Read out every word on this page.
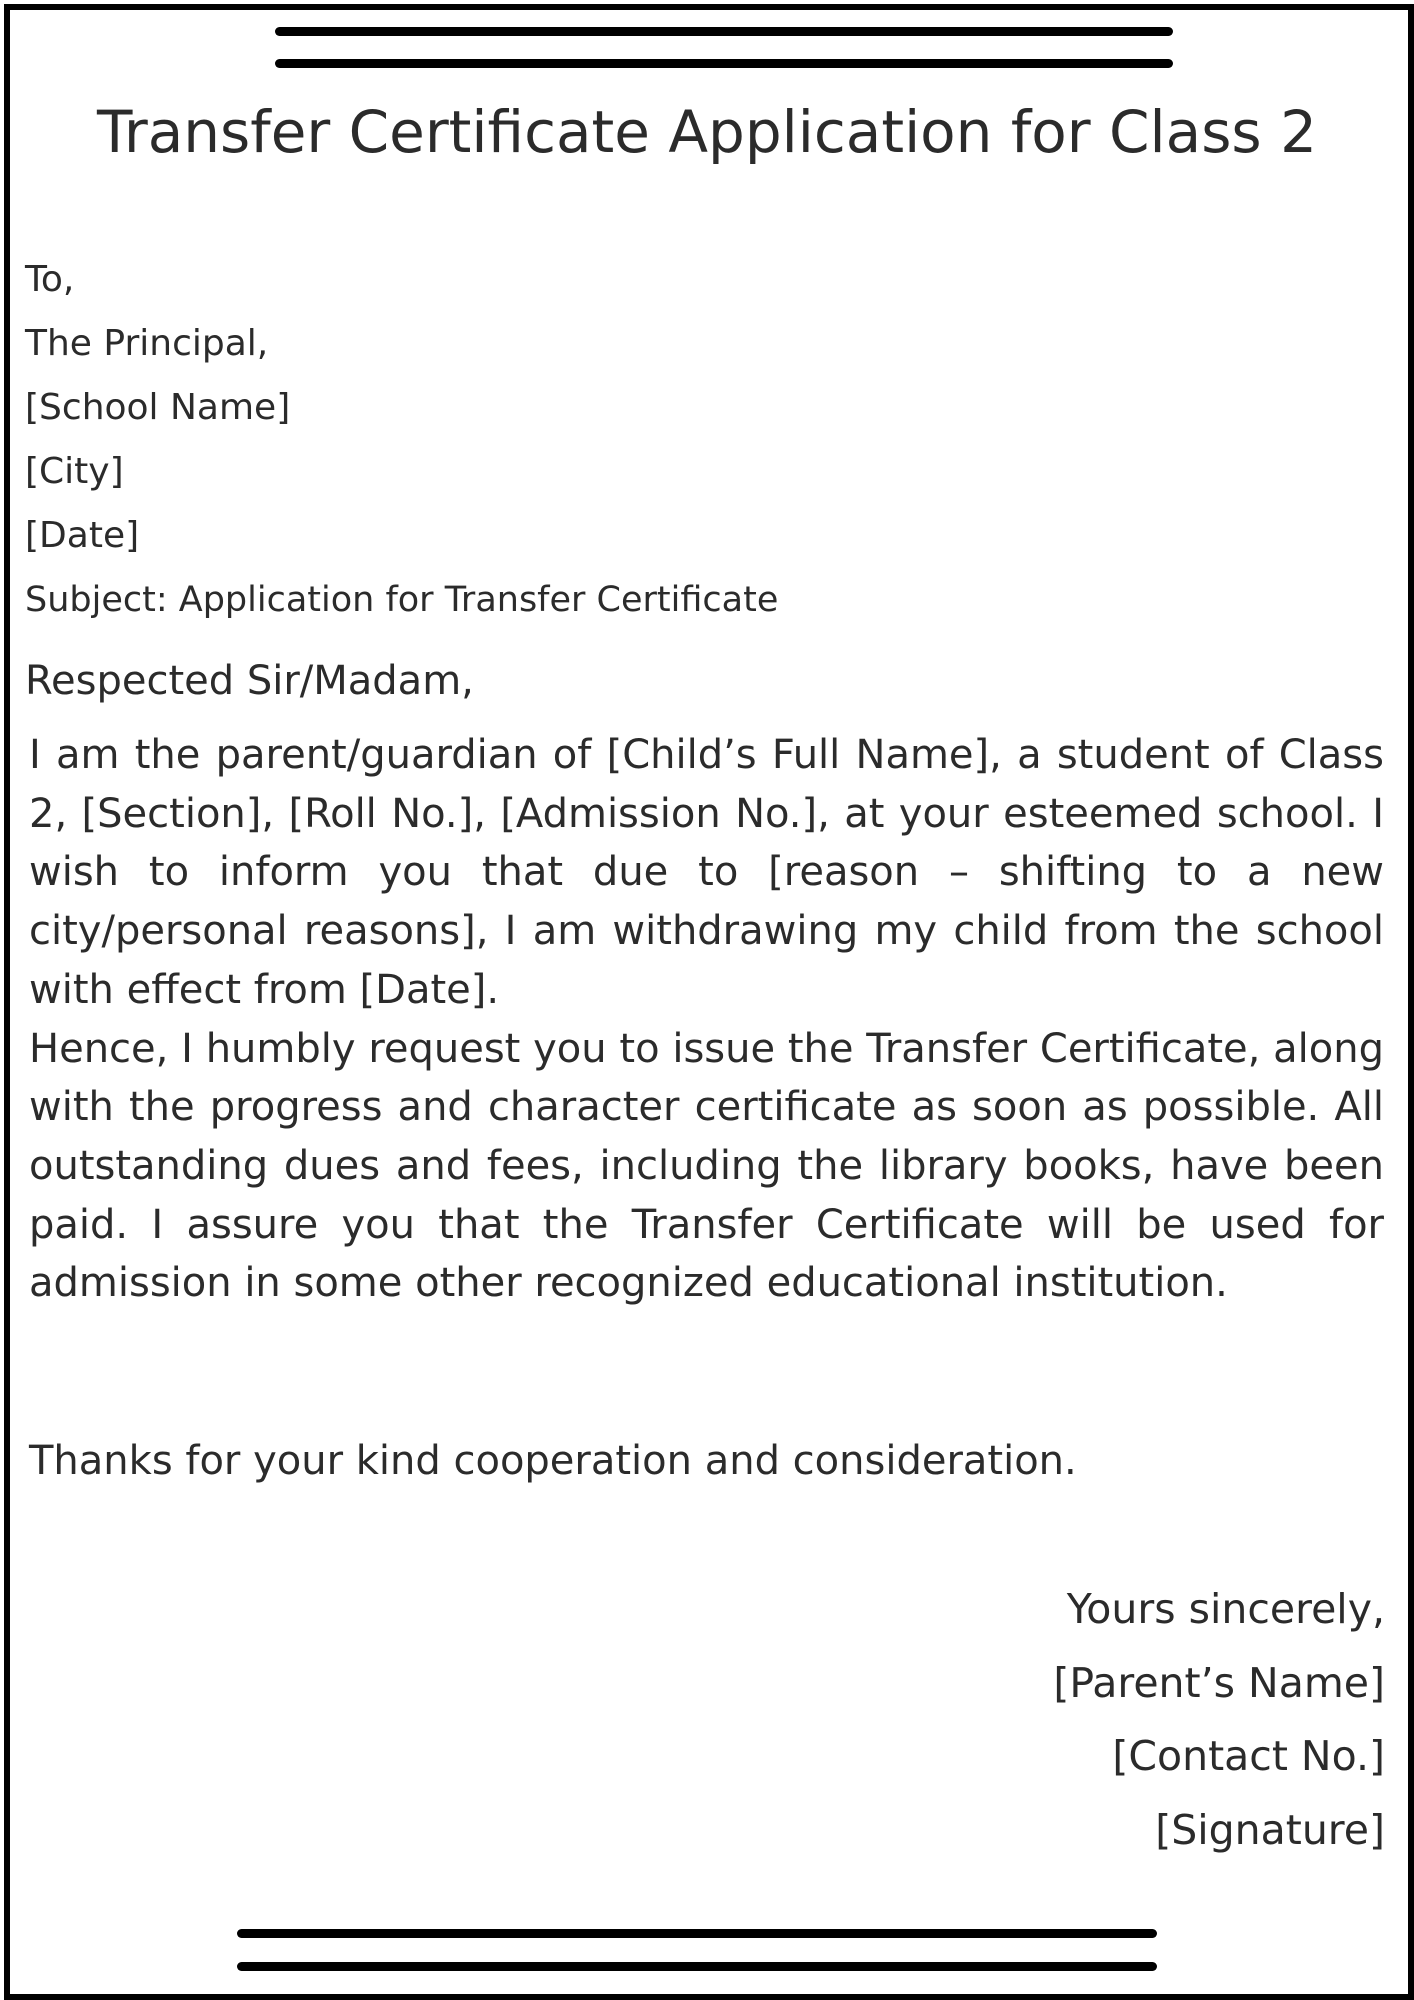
Transfer Certificate Application for Class 2
To,
The Principal,
[School Name]
[City]
[Date]
Subject: Application for Transfer Certificate
Respected Sir/Madam,

I am the parent/guardian of [Child’s Full Name], a student of Class 2, [Section], [Roll No.], [Admission No.], at your esteemed school. I wish to inform you that due to [reason – shifting to a new city/personal reasons], I am withdrawing my child from the school with effect from [Date].

Hence, I humbly request you to issue the Transfer Certificate, along with the progress and character certificate as soon as possible. All outstanding dues and fees, including the library books, have been paid. I assure you that the Transfer Certificate will be used for admission in some other recognized educational institution.

Thanks for your kind cooperation and consideration.
Yours sincerely,
[Parent’s Name]
[Contact No.]
[Signature]
